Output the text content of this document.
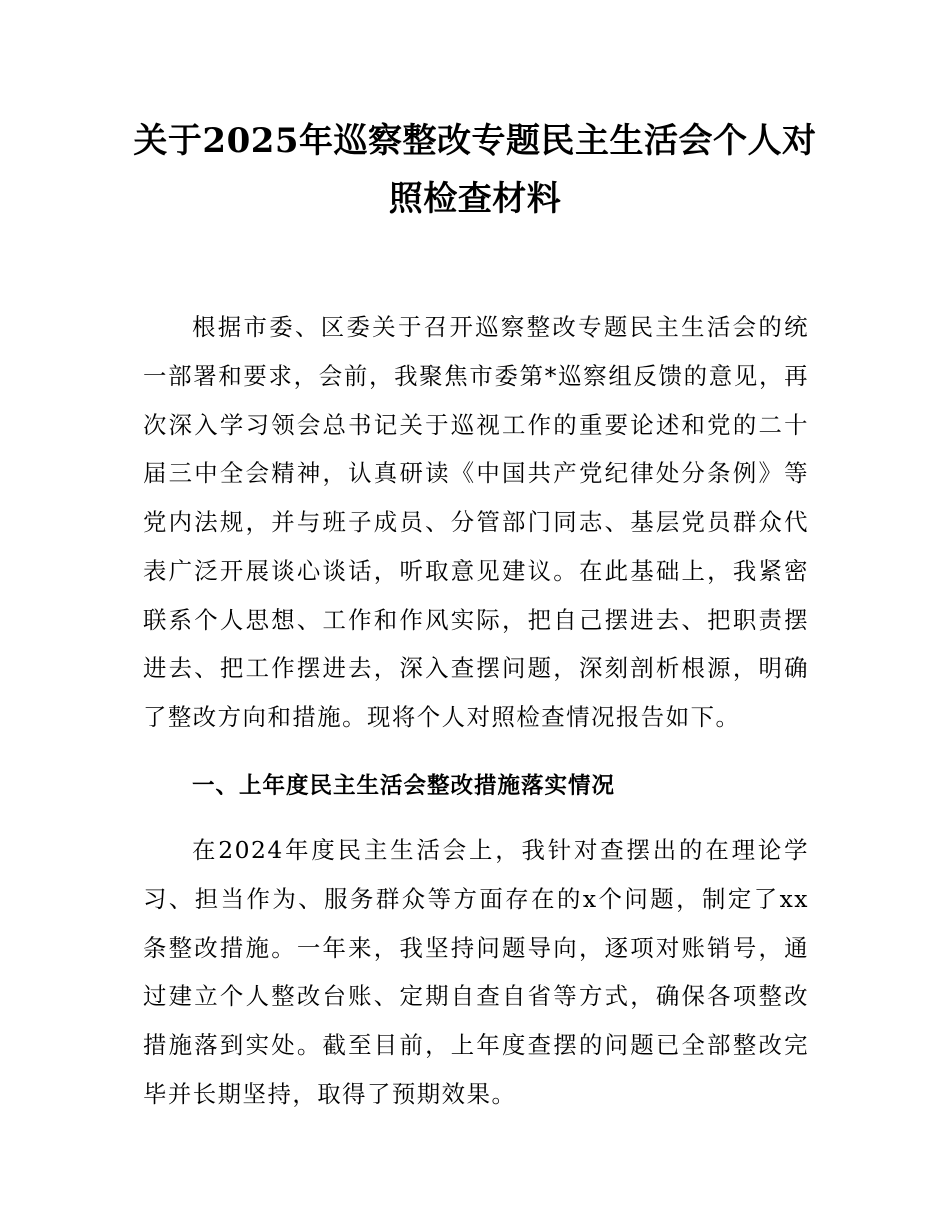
关于2025年巡察整改专题民主生活会个人对照检查材料

根据市委、区委关于召开巡察整改专题民主生活会的统一部署和要求，会前，我聚焦市委第*巡察组反馈的意见，再次深入学习领会总书记关于巡视工作的重要论述和党的二十届三中全会精神，认真研读《中国共产党纪律处分条例》等党内法规，并与班子成员、分管部门同志、基层党员群众代表广泛开展谈心谈话，听取意见建议。在此基础上，我紧密联系个人思想、工作和作风实际，把自己摆进去、把职责摆进去、把工作摆进去，深入查摆问题，深刻剖析根源，明确了整改方向和措施。现将个人对照检查情况报告如下。

一、上年度民主生活会整改措施落实情况

在2024年度民主生活会上，我针对查摆出的在理论学习、担当作为、服务群众等方面存在的x个问题，制定了xx条整改措施。一年来，我坚持问题导向，逐项对账销号，通过建立个人整改台账、定期自查自省等方式，确保各项整改措施落到实处。截至目前，上年度查摆的问题已全部整改完毕并长期坚持，取得了预期效果。
